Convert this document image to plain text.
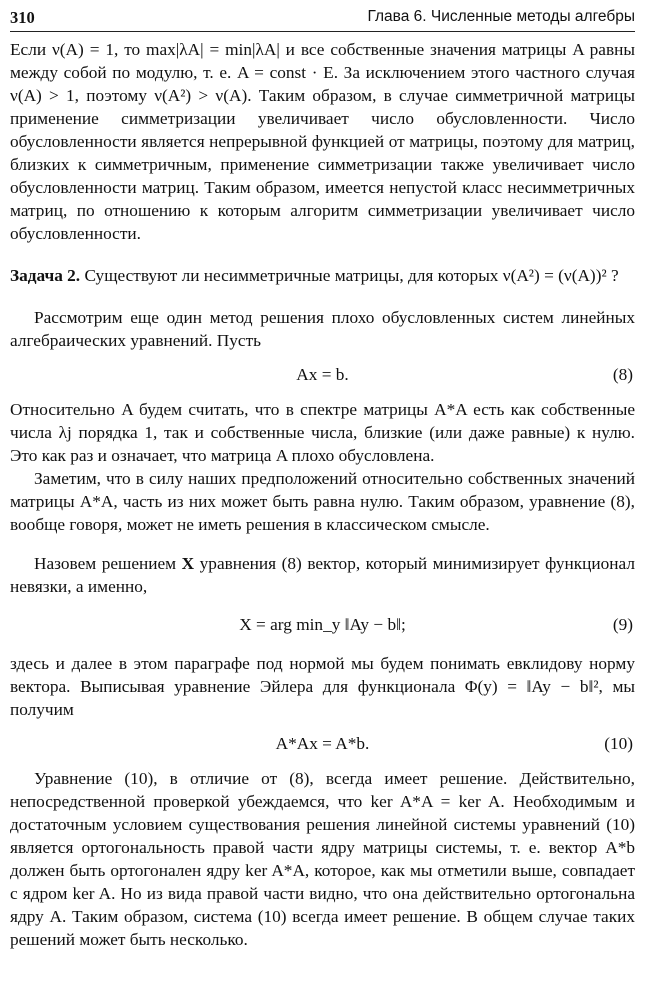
310	Глава 6. Численные методы алгебры

Если ν(A) = 1, то max|λA| = min|λA| и все собственные значения матрицы A равны между собой по модулю, т. е. A = const · E. За исключением этого частного случая ν(A) > 1, поэтому ν(A²) > ν(A). Таким образом, в случае симметричной матрицы применение симметризации увеличивает число обусловленности. Число обусловленности является непрерывной функцией от матрицы, поэтому для матриц, близких к симметричным, применение симметризации также увеличивает число обусловленности матриц. Таким образом, имеется непустой класс несимметричных матриц, по отношению к которым алгоритм симметризации увеличивает число обусловленности.

Задача 2. Существуют ли несимметричные матрицы, для которых ν(A²) = (ν(A))² ?

Рассмотрим еще один метод решения плохо обусловленных систем линейных алгебраических уравнений. Пусть

Ax = b.	(8)

Относительно A будем считать, что в спектре матрицы A*A есть как собственные числа λj порядка 1, так и собственные числа, близкие (или даже равные) к нулю. Это как раз и означает, что матрица A плохо обусловлена.

Заметим, что в силу наших предположений относительно собственных значений матрицы A*A, часть из них может быть равна нулю. Таким образом, уравнение (8), вообще говоря, может не иметь решения в классическом смысле.

Назовем решением X уравнения (8) вектор, который минимизирует функционал невязки, а именно,

X = arg min_y ‖Ay − b‖;	(9)

здесь и далее в этом параграфе под нормой мы будем понимать евклидову норму вектора. Выписывая уравнение Эйлера для функционала Φ(y) = ‖Ay − b‖², мы получим

A*Ax = A*b.	(10)

Уравнение (10), в отличие от (8), всегда имеет решение. Действительно, непосредственной проверкой убеждаемся, что ker A*A = ker A. Необходимым и достаточным условием существования решения линейной системы уравнений (10) является ортогональность правой части ядру матрицы системы, т. е. вектор A*b должен быть ортогонален ядру ker A*A, которое, как мы отметили выше, совпадает с ядром ker A. Но из вида правой части видно, что она действительно ортогональна ядру A. Таким образом, система (10) всегда имеет решение. В общем случае таких решений может быть несколько.
